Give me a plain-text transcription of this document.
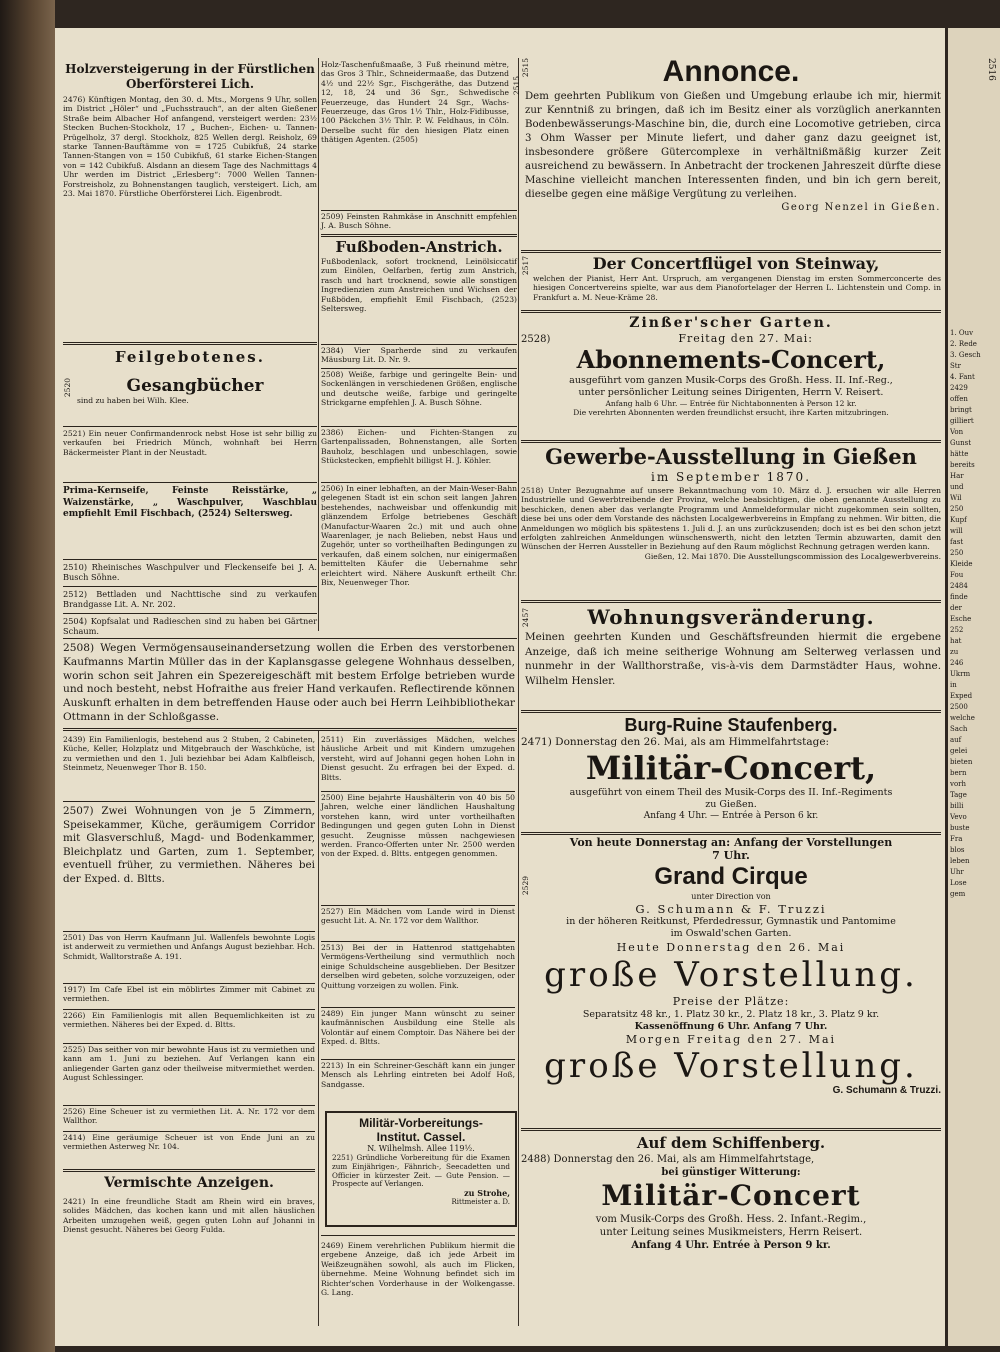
Holzversteigerung in der Fürstlichen Oberförsterei Lich.

2476) Künftigen Montag, den 30. d. Mts., Morgens 9 Uhr, sollen im District „Höler“ und „Fuchsstrauch“, an der alten Gießener Straße beim Albacher Hof anfangend, versteigert werden: 23½ Stecken Buchen-Stockholz, 17 „ Buchen-, Eichen- u. Tannen-Prügelholz, 37 dergl. Stockholz, 825 Wellen dergl. Reisholz, 69 starke Tannen-Bauftämme von = 1725 Cubikfuß, 24 starke Tannen-Stangen von = 150 Cubikfuß, 61 starke Eichen-Stangen von = 142 Cubikfuß. Alsdann an diesem Tage des Nachmittags 4 Uhr werden im District „Erlesberg“: 7000 Wellen Tannen-Forstreisholz, zu Bohnenstangen tauglich, versteigert. Lich, am 23. Mai 1870. Fürstliche Oberförsterei Lich. Eigenbrodt.

Feilgebotenes.

2520	Gesangbücher

sind zu haben bei Wilh. Klee.

2521) Ein neuer Confirmandenrock nebst Hose ist sehr billig zu verkaufen bei Friedrich Münch, wohnhaft bei Herrn Bäckermeister Plant in der Neustadt.

Prima-Kernseife, Feinste Reisstärke, „ Waizenstärke, „ Waschpulver, Waschblau empfiehlt Emil Fischbach, (2524) Seltersweg.

2510) Rheinisches Waschpulver und Fleckenseife bei J. A. Busch Söhne.

2512) Bettladen und Nachttische sind zu verkaufen Brandgasse Lit. A. Nr. 202.

2504) Kopfsalat und Radieschen sind zu haben bei Gärtner Schaum.

2515

Holz-Taschenfußmaaße, 3 Fuß rheinund mètre, das Gros 3 Thlr., Schneidermaaße, das Dutzend 4½ und 22½ Sgr., Fischgeräthe, das Dutzend 12, 18, 24 und 36 Sgr., Schwedische Feuerzeuge, das Hundert 24 Sgr., Wachs-Feuerzeuge, das Gros 1½ Thlr., Holz-Fidibusse, 100 Päckchen 3½ Thlr. P. W. Feldhaus, in Cöln. Derselbe sucht für den hiesigen Platz einen thätigen Agenten. (2505)

2509) Feinsten Rahmkäse in Anschnitt empfehlen J. A. Busch Söhne.

Fußboden-Anstrich.

Fußbodenlack, sofort trocknend, Leinölsiccatif zum Einölen, Oelfarben, fertig zum Anstrich, rasch und hart trocknend, sowie alle sonstigen Ingredienzien zum Anstreichen und Wichsen der Fußböden, empfiehlt Emil Fischbach, (2523) Seltersweg.

2384) Vier Sparherde sind zu verkaufen Mäusburg Lit. D. Nr. 9.

2508) Weiße, farbige und geringelte Bein- und Sockenlängen in verschiedenen Größen, englische und deutsche weiße, farbige und geringelte Strickgarne empfehlen J. A. Busch Söhne.

2386) Eichen- und Fichten-Stangen zu Gartenpalissaden, Bohnenstangen, alle Sorten Bauholz, beschlagen und unbeschlagen, sowie Stückstecken, empfiehlt billigst H. J. Köhler.

2506) In einer lebhaften, an der Main-Weser-Bahn gelegenen Stadt ist ein schon seit langen Jahren bestehendes, nachweisbar und offenkundig mit glänzendem Erfolge betriebenes Geschäft (Manufactur-Waaren 2c.) mit und auch ohne Waarenlager, je nach Belieben, nebst Haus und Zugehör, unter so vortheilhaften Bedingungen zu verkaufen, daß einem solchen, nur einigermaßen bemittelten Käufer die Uebernahme sehr erleichtert wird. Nähere Auskunft ertheilt Chr. Bix, Neuenweger Thor.

2508) Wegen Vermögensauseinandersetzung wollen die Erben des verstorbenen Kaufmanns Martin Müller das in der Kaplansgasse gelegene Wohnhaus desselben, worin schon seit Jahren ein Spezereigeschäft mit bestem Erfolge betrieben wurde und noch besteht, nebst Hofraithe aus freier Hand verkaufen. Reflectirende können Auskunft erhalten in dem betreffenden Hause oder auch bei Herrn Leihbibliothekar Ottmann in der Schloßgasse.

2439) Ein Familienlogis, bestehend aus 2 Stuben, 2 Cabineten, Küche, Keller, Holzplatz und Mitgebrauch der Waschküche, ist zu vermiethen und den 1. Juli beziehbar bei Adam Kalbfleisch, Steinmetz, Neuenweger Thor B. 150.

2507) Zwei Wohnungen von je 5 Zimmern, Speisekammer, Küche, geräumigem Corridor mit Glasverschluß, Magd- und Bodenkammer, Bleichplatz und Garten, zum 1. September, eventuell früher, zu vermiethen. Näheres bei der Exped. d. Bltts.

2501) Das von Herrn Kaufmann Jul. Wallenfels bewohnte Logis ist anderweit zu vermiethen und Anfangs August beziehbar. Hch. Schmidt, Walltorstraße A. 191.

1917) Im Cafe Ebel ist ein möblirtes Zimmer mit Cabinet zu vermiethen.

2266) Ein Familienlogis mit allen Bequemlichkeiten ist zu vermiethen. Näheres bei der Exped. d. Bltts.

2525) Das seither von mir bewohnte Haus ist zu vermiethen und kann am 1. Juni zu beziehen. Auf Verlangen kann ein anliegender Garten ganz oder theilweise mitvermiethet werden. August Schlessinger.

2526) Eine Scheuer ist zu vermiethen Lit. A. Nr. 172 vor dem Wallthor.

2414) Eine geräumige Scheuer ist von Ende Juni an zu vermiethen Asterweg Nr. 104.

Vermischte Anzeigen.

2421) In eine freundliche Stadt am Rhein wird ein braves, solides Mädchen, das kochen kann und mit allen häuslichen Arbeiten umzugehen weiß, gegen guten Lohn auf Johanni in Dienst gesucht. Näheres bei Georg Fulda.

2511) Ein zuverlässiges Mädchen, welches häusliche Arbeit und mit Kindern umzugehen versteht, wird auf Johanni gegen hohen Lohn in Dienst gesucht. Zu erfragen bei der Exped. d. Bltts.

2500) Eine bejahrte Haushälterin von 40 bis 50 Jahren, welche einer ländlichen Haushaltung vorstehen kann, wird unter vortheilhaften Bedingungen und gegen guten Lohn in Dienst gesucht. Zeugnisse müssen nachgewiesen werden. Franco-Offerten unter Nr. 2500 werden von der Exped. d. Bltts. entgegen genommen.

2527) Ein Mädchen vom Lande wird in Dienst gesucht Lit. A. Nr. 172 vor dem Wallthor.

2513) Bei der in Hattenrod stattgehabten Vermögens-Vertheilung sind vermuthlich noch einige Schuldscheine ausgeblieben. Der Besitzer derselben wird gebeten, solche vorzuzeigen, oder Quittung vorzeigen zu wollen. Fink.

2489) Ein junger Mann wünscht zu seiner kaufmännischen Ausbildung eine Stelle als Volontär auf einem Comptoir. Das Nähere bei der Exped. d. Bltts.

2213) In ein Schreiner-Geschäft kann ein junger Mensch als Lehrling eintreten bei Adolf Hoß, Sandgasse.

Militär-Vorbereitungs-

Institut. Cassel.

N. Wilhelmsh. Allee 119½.

2251) Gründliche Vorbereitung für die Examen zum Einjährigen-, Fähnrich-, Seecadetten und Officier in kürzester Zeit. — Gute Pension. — Prospecte auf Verlangen.

zu Strohe,

Rittmeister a. D.

2469) Einem verehrlichen Publikum hiermit die ergebene Anzeige, daß ich jede Arbeit im Weißzeugnähen sowohl, als auch im Flicken, übernehme. Meine Wohnung befindet sich im Richter'schen Vorderhause in der Wolkengasse. G. Lang.

2515	Annonce.

Dem geehrten Publikum von Gießen und Umgebung erlaube ich mir, hiermit zur Kenntniß zu bringen, daß ich im Besitz einer als vorzüglich anerkannten Bodenbewässerungs-Maschine bin, die, durch eine Locomotive getrieben, circa 3 Ohm Wasser per Minute liefert, und daher ganz dazu geeignet ist, insbesondere größere Gütercomplexe in verhältnißmäßig kurzer Zeit ausreichend zu bewässern. In Anbetracht der trockenen Jahreszeit dürfte diese Maschine vielleicht manchen Interessenten finden, und bin ich gern bereit, dieselbe gegen eine mäßige Vergütung zu verleihen.

Georg Nenzel in Gießen.

2517	Der Concertflügel von Steinway,

welchen der Pianist, Herr Ant. Urspruch, am vergangenen Dienstag im ersten Sommerconcerte des hiesigen Concertvereins spielte, war aus dem Pianofortelager der Herren L. Lichtenstein und Comp. in Frankfurt a. M. Neue-Kräme 28.

Zinßer'scher Garten.

2528)	Freitag den 27. Mai:

Abonnements-Concert,

ausgeführt vom ganzen Musik-Corps des Großh. Hess. II. Inf.-Reg.,

unter persönlicher Leitung seines Dirigenten, Herrn V. Reisert.

Anfang halb 6 Uhr. — Entrée für Nichtabonnenten à Person 12 kr.

Die verehrten Abonnenten werden freundlichst ersucht, ihre Karten mitzubringen.

Gewerbe-Ausstellung in Gießen

im September 1870.

2518) Unter Bezugnahme auf unsere Bekanntmachung vom 10. März d. J. ersuchen wir alle Herren Industrielle und Gewerbtreibende der Provinz, welche beabsichtigen, die oben genannte Ausstellung zu beschicken, denen aber das verlangte Programm und Anmeldeformular nicht zugekommen sein sollten, diese bei uns oder dem Vorstande des nächsten Localgewerbvereins in Empfang zu nehmen. Wir bitten, die Anmeldungen wo möglich bis spätestens 1. Juli d. J. an uns zurückzusenden; doch ist es bei den schon jetzt erfolgten zahlreichen Anmeldungen wünschenswerth, nicht den letzten Termin abzuwarten, damit den Wünschen der Herren Aussteller in Beziehung auf den Raum möglichst Rechnung getragen werden kann.

Gießen, 12. Mai 1870. Die Ausstellungscommission des Localgewerbvereins.

2457	Wohnungsveränderung.

Meinen geehrten Kunden und Geschäftsfreunden hiermit die ergebene Anzeige, daß ich meine seitherige Wohnung am Selterweg verlassen und nunmehr in der Wallthorstraße, vis-à-vis dem Darmstädter Haus, wohne. Wilhelm Hensler.

Burg-Ruine Staufenberg.

2471) Donnerstag den 26. Mai, als am Himmelfahrtstage:

Militär-Concert,

ausgeführt von einem Theil des Musik-Corps des II. Inf.-Regiments

zu Gießen.

Anfang 4 Uhr. — Entrée à Person 6 kr.

2529

Von heute Donnerstag an: Anfang der Vorstellungen

7 Uhr.

Grand Cirque

unter Direction von

G. Schumann & F. Truzzi

in der höheren Reitkunst, Pferdedressur, Gymnastik und Pantomime

im Oswald'schen Garten.

Heute Donnerstag den 26. Mai

große Vorstellung.

Preise der Plätze:

Separatsitz 48 kr., 1. Platz 30 kr., 2. Platz 18 kr., 3. Platz 9 kr.

Kassenöffnung 6 Uhr. Anfang 7 Uhr.

Morgen Freitag den 27. Mai

große Vorstellung.

G. Schumann & Truzzi.

Auf dem Schiffenberg.

2488) Donnerstag den 26. Mai, als am Himmelfahrtstage,

bei günstiger Witterung:

Militär-Concert

vom Musik-Corps des Großh. Hess. 2. Infant.-Regim.,

unter Leitung seines Musikmeisters, Herrn Reisert.

Anfang 4 Uhr. Entrée à Person 9 kr.

2516

1. Ouv

2. Rede

3. Gesch

Str

4. Fant

2429

offen

bringt

gilliert

Von

Gunst

hätte

bereits

Har

und

Wil

250

Kupf

will

fast

250

Kleide

Fou

2484

finde

der

Esche

252

hat

zu

246

Ukrm

in

Exped

2500

welche

Sach

auf

gelei

bieten

bern

vorh

Tage

billi

Vevo

buste

Fra

blos

leben

Uhr

Lose

gem
